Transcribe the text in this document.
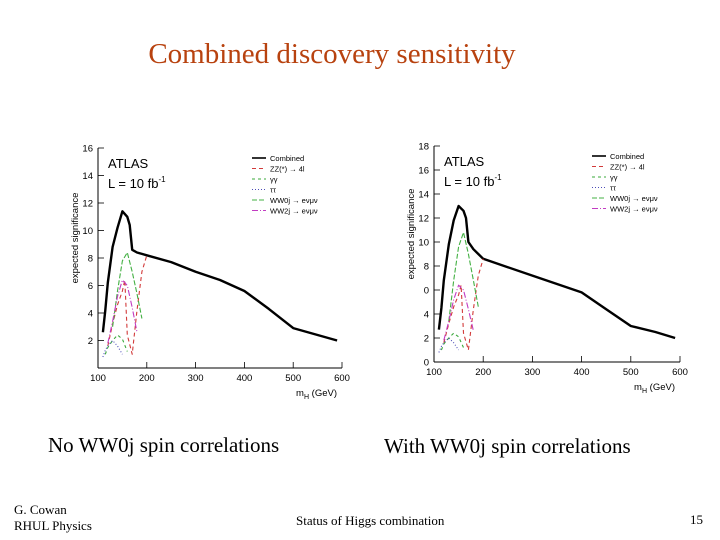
Combined discovery sensitivity
2
4
6
8
10
12
14
16
100	200	300	400	500	600
expected significance
$m_H$ (GeV)
ATLAS
L = 10 $fb^{-1}$
Combined
ZZ(*) → 4l
γγ
ττ
WW0j → eνμν
WW2j → eνμν
0
2
4
0
8
10
12
14
16
18
100	200	300	400	500	600
expected significance
$m_H$ (GeV)
ATLAS
L = 10 $fb^{-1}$
Combined
ZZ(*) → 4l
γγ
ττ
WW0j → eνμν
WW2j → eνμν
No WW0j spin correlations	With WW0j spin correlations
G. Cowan
RHUL Physics	Status of Higgs combination	15
